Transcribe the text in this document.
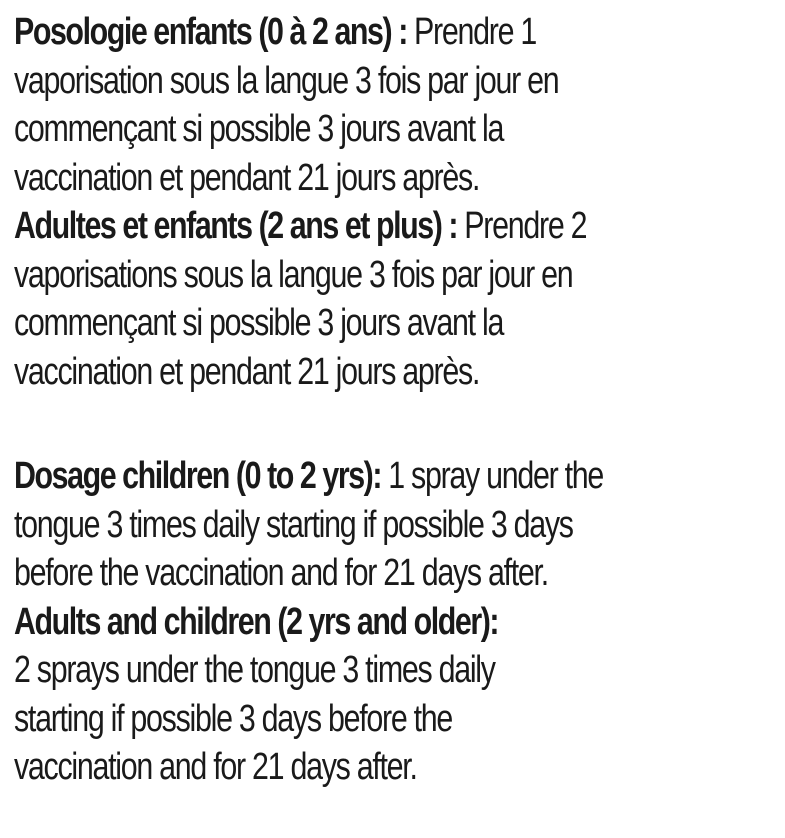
Posologie enfants (0 à 2 ans) : Prendre 1
vaporisation sous la langue 3 fois par jour en
commençant si possible 3 jours avant la
vaccination et pendant 21 jours après.
Adultes et enfants (2 ans et plus) : Prendre 2
vaporisations sous la langue 3 fois par jour en
commençant si possible 3 jours avant la
vaccination et pendant 21 jours après.
Dosage children (0 to 2 yrs): 1 spray under the
tongue 3 times daily starting if possible 3 days
before the vaccination and for 21 days after.
Adults and children (2 yrs and older):
2 sprays under the tongue 3 times daily
starting if possible 3 days before the
vaccination and for 21 days after.
